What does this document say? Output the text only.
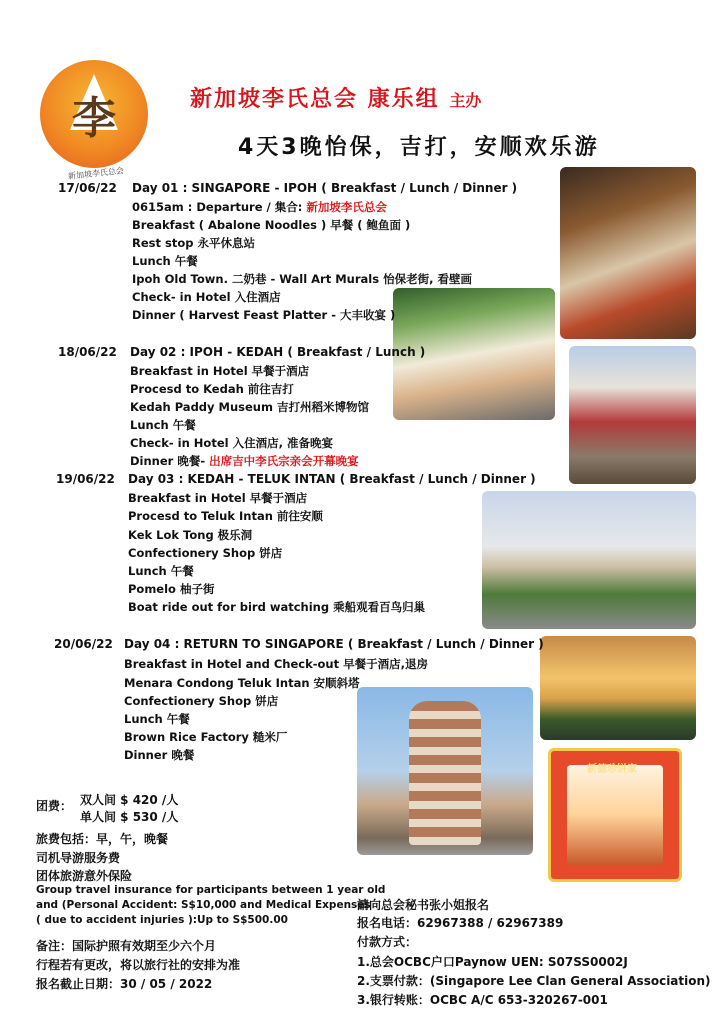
李
新加坡李氏总会
新加坡李氏总会 康乐组 主办
4天3晚怡保，吉打，安顺欢乐游
17/06/22 Day 01 : SINGAPORE - IPOH ( Breakfast / Lunch / Dinner )
0615am : Departure / 集合: 新加坡李氏总会
Breakfast ( Abalone Noodles ) 早餐 ( 鲍鱼面 )
Rest stop 永平休息站
Lunch 午餐
Ipoh Old Town. 二奶巷 - Wall Art Murals 怡保老街, 看壁画
Check- in Hotel 入住酒店
Dinner ( Harvest Feast Platter - 大丰收宴 )
18/06/22 Day 02 : IPOH - KEDAH ( Breakfast / Lunch )
Breakfast in Hotel 早餐于酒店
Procesd to Kedah 前往吉打
Kedah Paddy Museum 吉打州稻米博物馆
Lunch 午餐
Check- in Hotel 入住酒店, 准备晚宴
Dinner 晚餐- 出席吉中李氏宗亲会开幕晚宴
19/06/22 Day 03 : KEDAH - TELUK INTAN ( Breakfast / Lunch / Dinner )
Breakfast in Hotel 早餐于酒店
Procesd to Teluk Intan 前往安顺
Kek Lok Tong 极乐洞
Confectionery Shop 饼店
Lunch 午餐
Pomelo 柚子街
Boat ride out for bird watching 乘船观看百鸟归巢
20/06/22 Day 04 : RETURN TO SINGAPORE ( Breakfast / Lunch / Dinner )
Breakfast in Hotel and Check-out 早餐于酒店,退房
Menara Condong Teluk Intan 安顺斜塔
Confectionery Shop 饼店
Lunch 午餐
Brown Rice Factory 糙米厂
Dinner 晚餐
团费： 双人间 $ 420 /人
单人间 $ 530 /人
旅费包括：早，午，晚餐
司机导游服务费
团体旅游意外保险
Group travel insurance for participants between 1 year old
and (Personal Accident: S$10,000 and Medical Expenses
( due to accident injuries ):Up to S$500.00
备注：国际护照有效期至少六个月
行程若有更改，将以旅行社的安排为准
报名截止日期：30 / 05 / 2022
請向总会秘书张小姐报名
报名电话：62967388 / 62967389
付款方式：
1.总会OCBC户口Paynow UEN: S07SS0002J
2.支票付款：(Singapore Lee Clan General Association)
3.银行转账：OCBC A/C 653-320267-001
新德珍饼家
